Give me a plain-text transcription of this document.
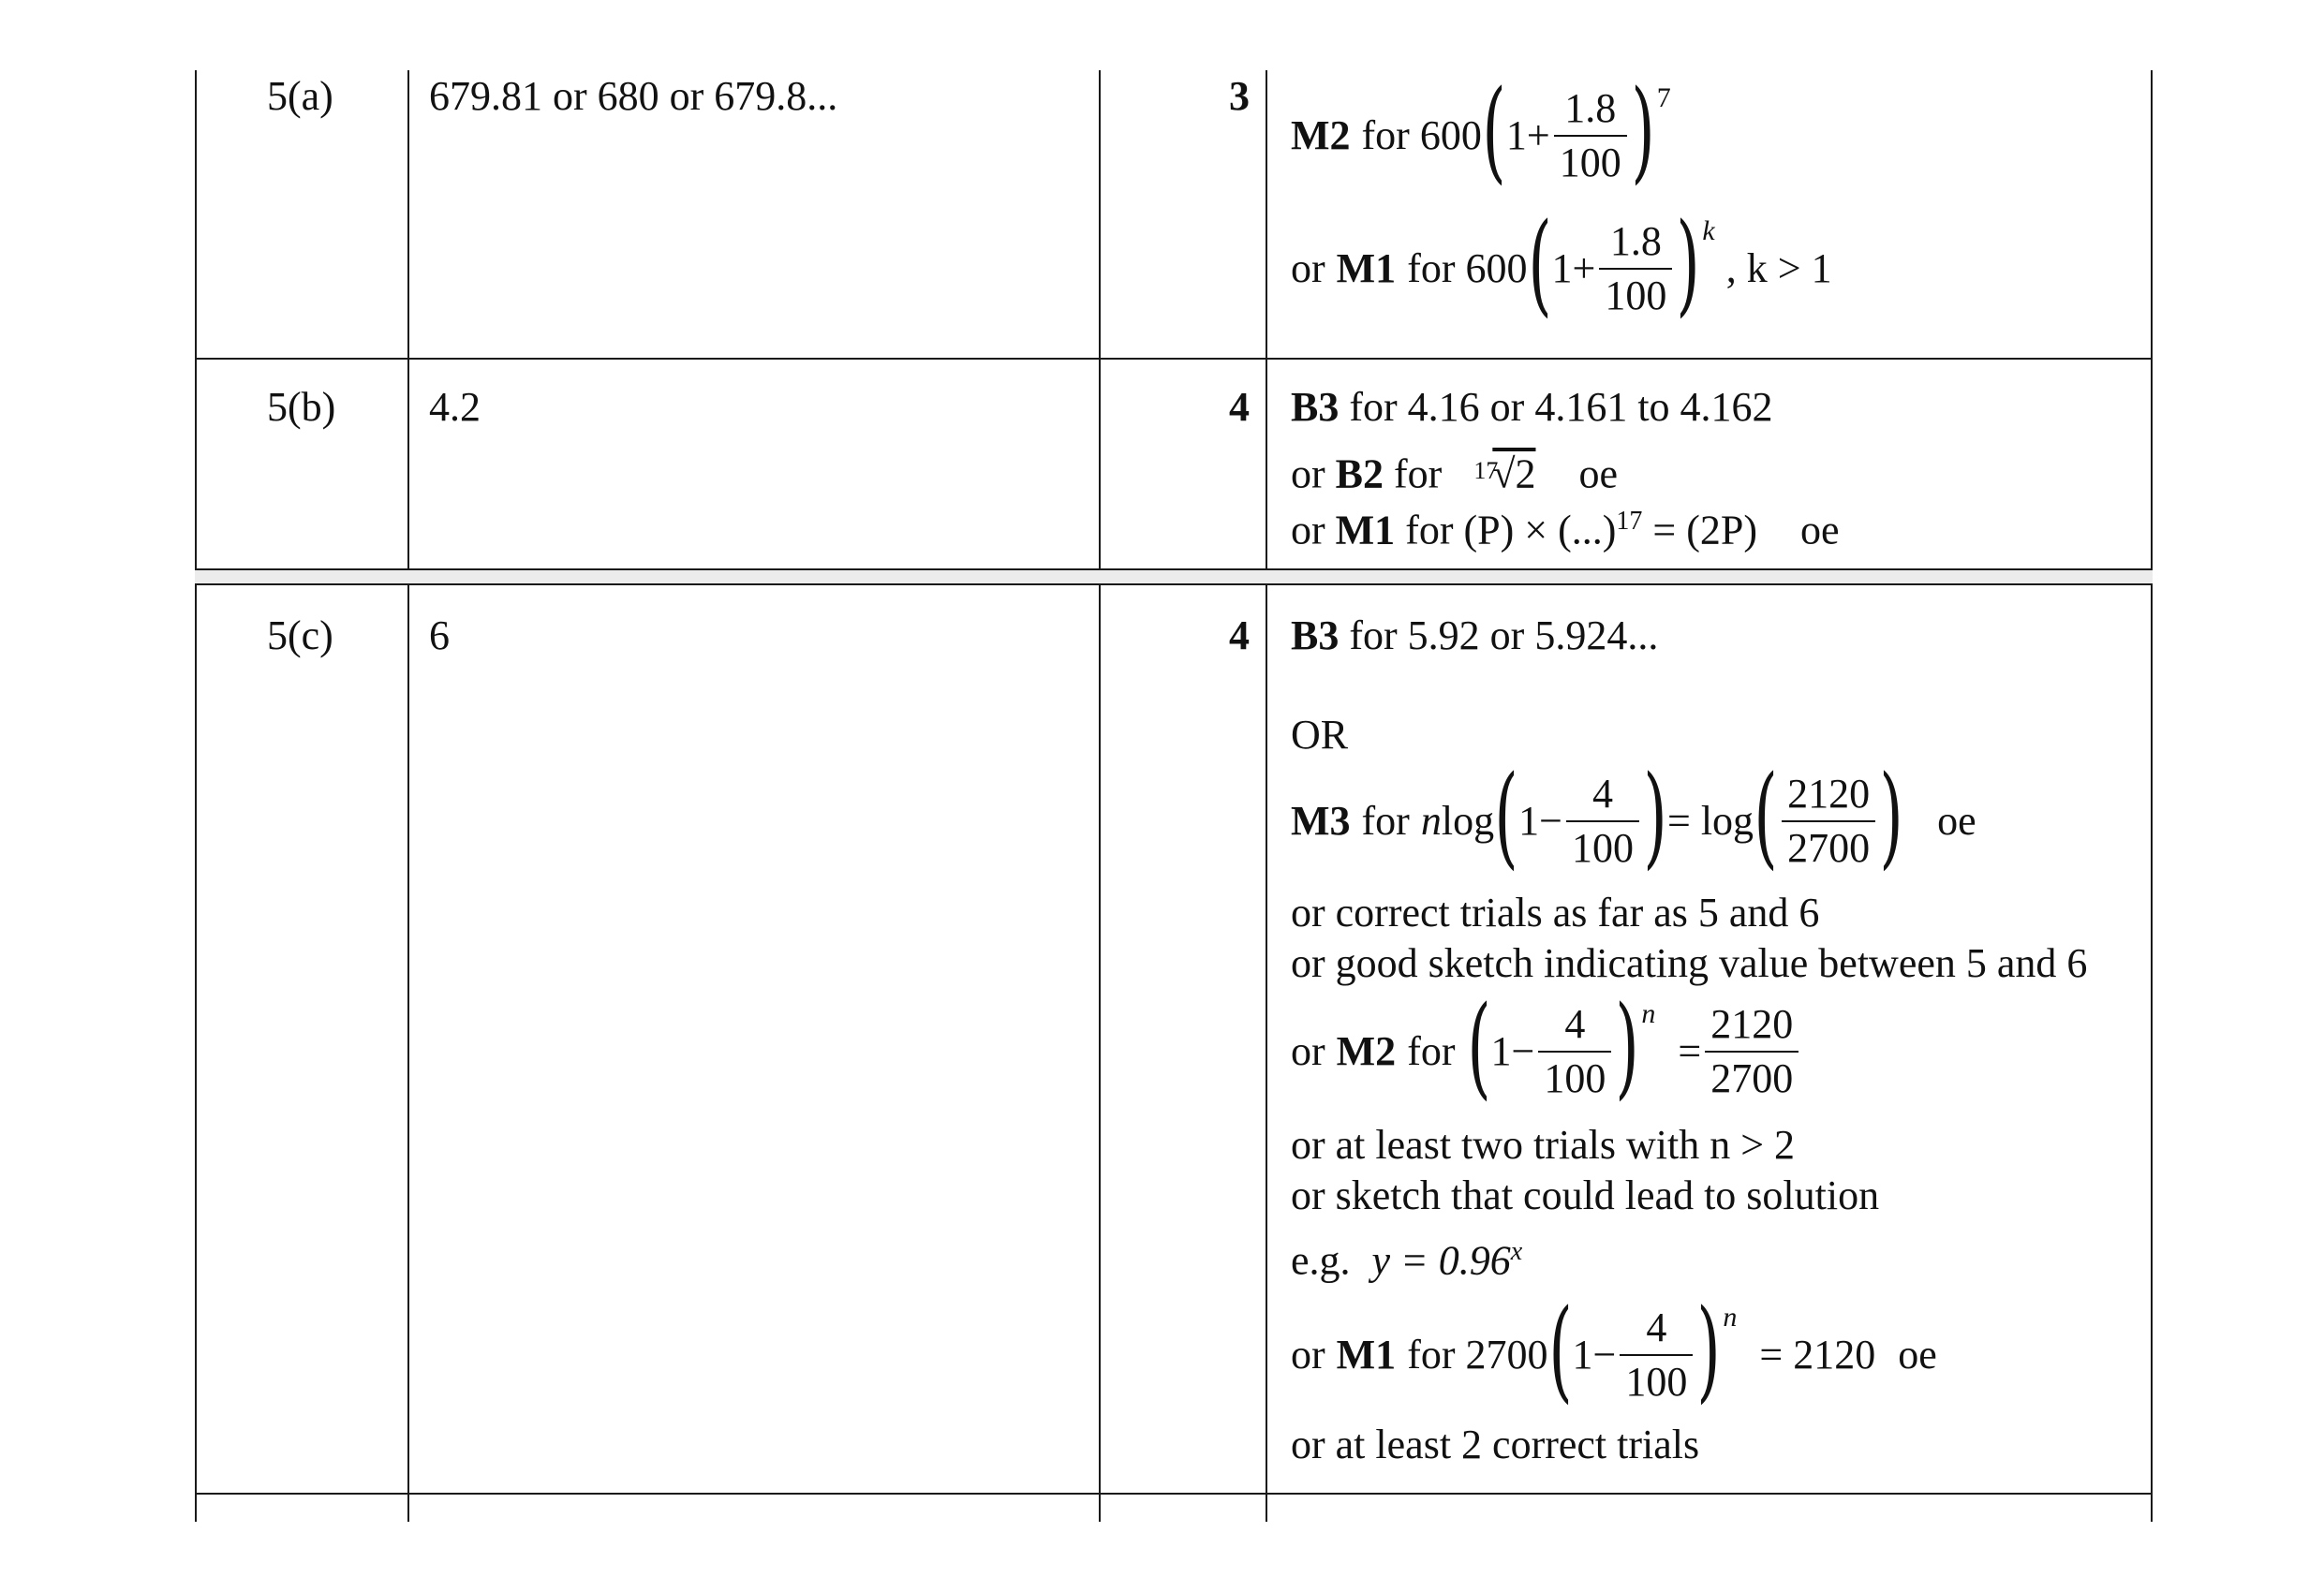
5(a) 679.81 or 680 or 679.8...	3
M2 for 600 ( $1+ \frac{1.8}{100}$ ) 7
or M1 for 600 ( $1+ \frac{1.8}{100}$ ) k
, k > 1
5(b) 4.2	4 B3 for 4.16 or 4.161 to 4.162
or B2 for $^{17}$√2 oe
or M1 for (P) × (...)$^{17}$ = (2P) oe
5(c) 6	4 B3 for 5.92 or 5.924...
OR
M3 for n log ( $1- \frac{4}{100}$ ) = log ( $\frac{2120}{2700}$ ) oe
or correct trials as far as 5 and 6
or good sketch indicating value between 5 and 6
or M2 for ( $1- \frac{4}{100}$ ) n
= $\frac{2120}{2700}$
or at least two trials with n > 2
or sketch that could lead to solution
e.g. $y = 0.96^x$
or M1 for 2700 ( $1- \frac{4}{100}$ ) n
= 2120 oe
or at least 2 correct trials
